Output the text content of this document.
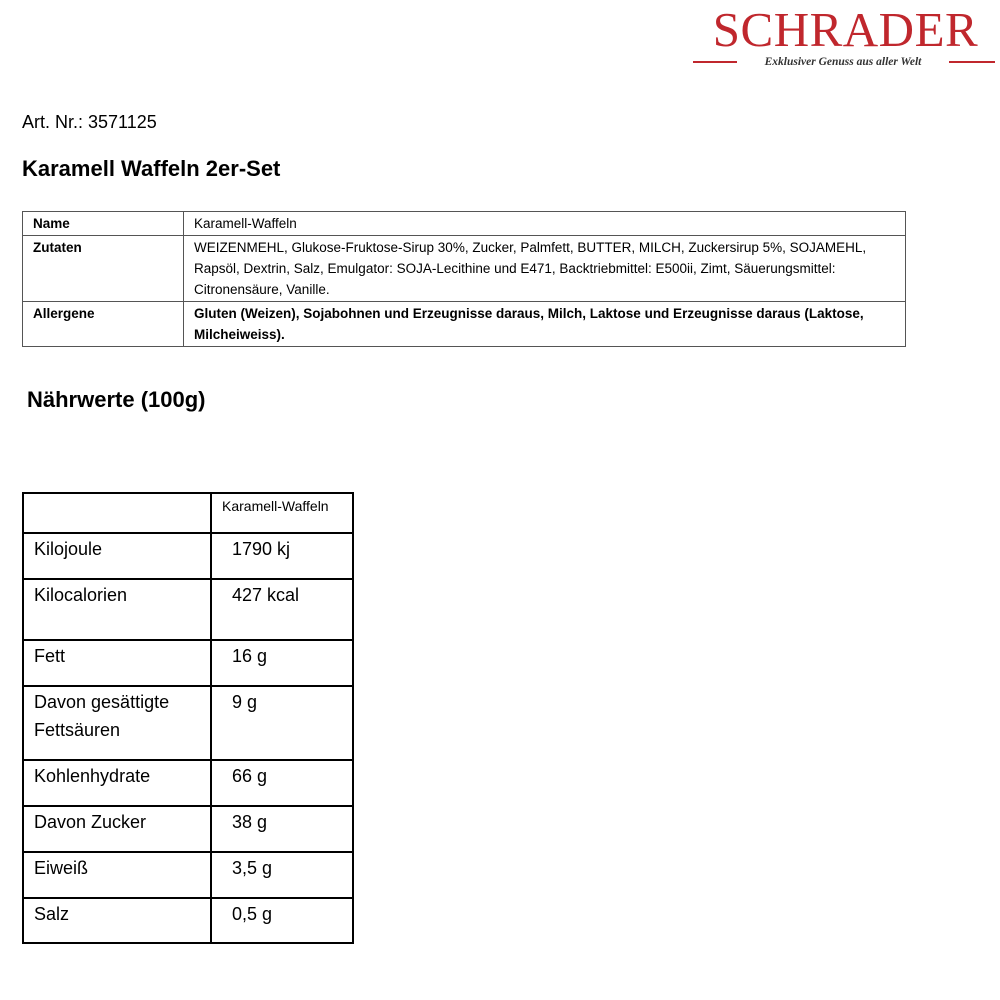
SCHRADER
Exklusiver Genuss aus aller Welt
Art. Nr.: 3571125
Karamell Waffeln 2er-Set
Name	Karamell-Waffeln
Zutaten	WEIZENMEHL, Glukose-Fruktose-Sirup 30%, Zucker, Palmfett, BUTTER, MILCH, Zuckersirup 5%, SOJAMEHL, Rapsöl, Dextrin, Salz, Emulgator: SOJA-Lecithine und E471, Backtriebmittel: E500ii, Zimt, Säuerungsmittel: Citronensäure, Vanille.
Allergene	Gluten (Weizen), Sojabohnen und Erzeugnisse daraus, Milch, Laktose und Erzeugnisse daraus (Laktose, Milcheiweiss).
Nährwerte (100g)
	Karamell-Waffeln
Kilojoule	1790 kj
Kilocalorien	427 kcal
Fett	16 g
Davon gesättigte Fettsäuren	9 g
Kohlenhydrate	66 g
Davon Zucker	38 g
Eiweiß	3,5 g
Salz	0,5 g
